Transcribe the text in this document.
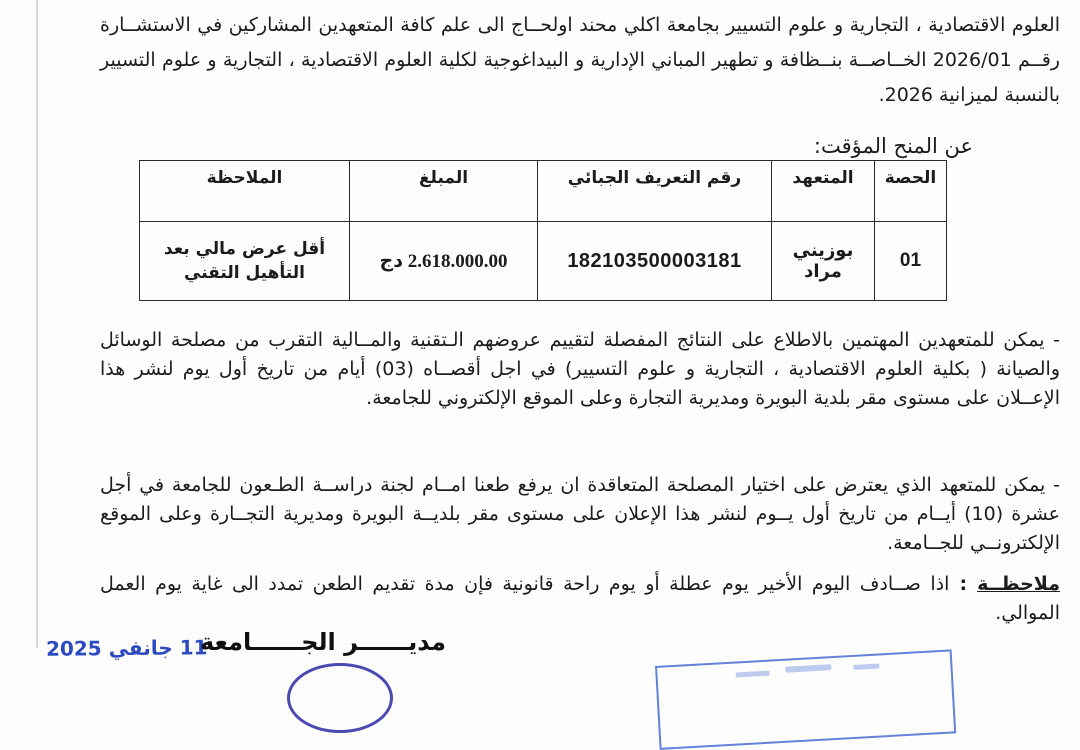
العلوم الاقتصادية ، التجارية و علوم التسيير بجامعة اكلي محند اولحــاج الى علم كافة المتعهدين المشاركين في الاستشــارة رقــم 2026/01 الخــاصــة بنــظافة و تطهير المباني الإدارية و البيداغوجية لكلية العلوم الاقتصادية ، التجارية و علوم التسيير بالنسبة لميزانية 2026.

عن المنح المؤقت:

الحصة	المتعهد	رقم التعريف الجبائي	المبلغ	الملاحظة
01	بوزيني مراد	182103500003181	2.618.000.00 دج	أقل عرض مالي بعد التأهيل التقني

- يمكن للمتعهدين المهتمين بالاطلاع على النتائج المفصلة لتقييم عروضهم الـتقنية والمــالية التقرب من مصلحة الوسائل والصيانة ( بكلية العلوم الاقتصادية ، التجارية و علوم التسيير) في اجل أقصــاه (03) أيام من تاريخ أول يوم لنشر هذا الإعــلان على مستوى مقر بلدية البويرة ومديرية التجارة وعلى الموقع الإلكتروني للجامعة.

- يمكن للمتعهد الذي يعترض على اختيار المصلحة المتعاقدة ان يرفع طعنا امــام لجنة دراســة الطـعون للجامعة في أجل عشرة (10) أيــام من تاريخ أول يــوم لنشر هذا الإعلان على مستوى مقر بلديــة البويرة ومديرية التجــارة وعلى الموقع الإلكترونــي للجــامعة.

ملاحظــة : اذا صــادف اليوم الأخير يوم عطلة أو يوم راحة قانونية فإن مدة تقديم الطعن تمدد الى غاية يوم العمل الموالي.

11 جانفي 2025
مديــــــر الجــــــامعة
